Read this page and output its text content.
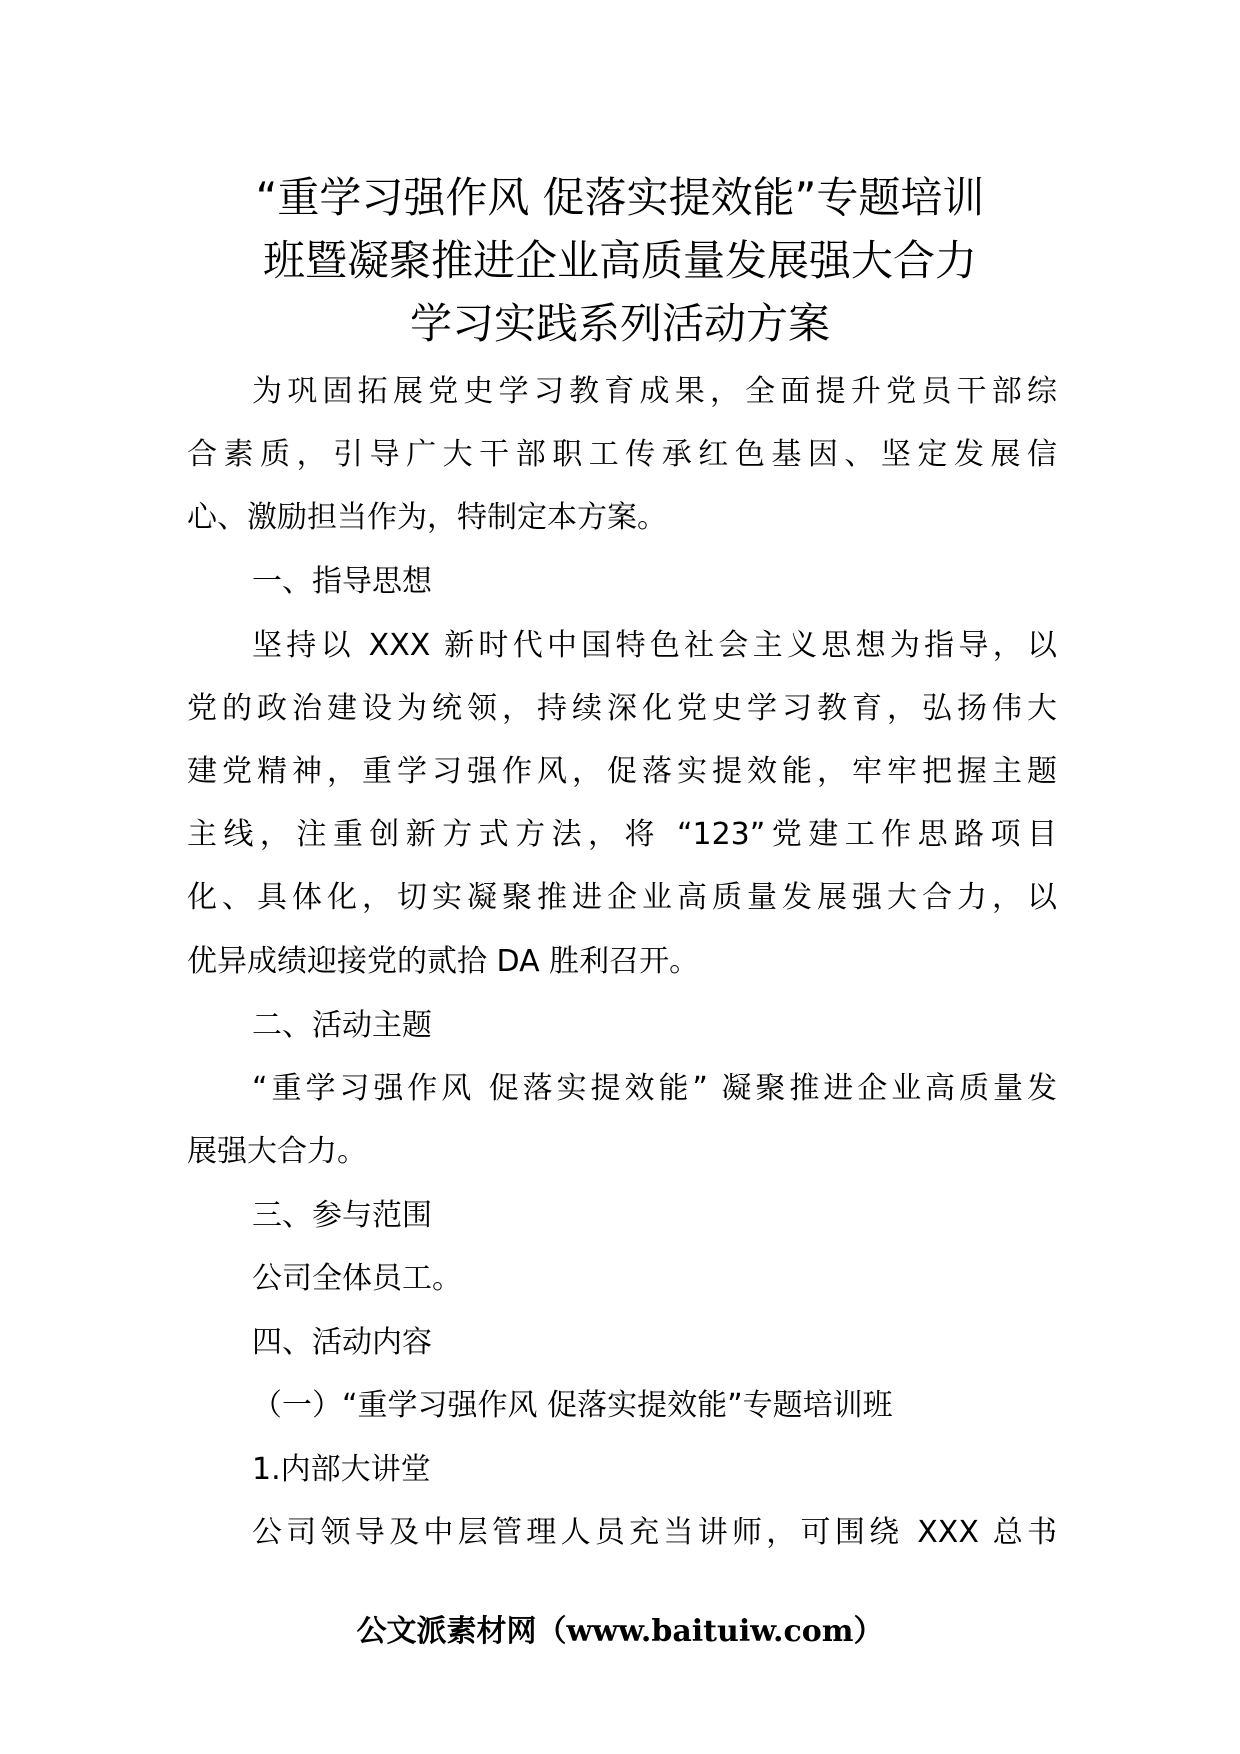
“重学习强作风 促落实提效能”专题培训
班暨凝聚推进企业高质量发展强大合力
学习实践系列活动方案
为巩固拓展党史学习教育成果，全面提升党员干部综
合素质，引导广大干部职工传承红色基因、坚定发展信
心、激励担当作为，特制定本方案。
一、指导思想
坚持以 XXX 新时代中国特色社会主义思想为指导，以
党的政治建设为统领，持续深化党史学习教育，弘扬伟大
建党精神，重学习强作风，促落实提效能，牢牢把握主题
主线，注重创新方式方法，将 “123”党建工作思路项目
化、具体化，切实凝聚推进企业高质量发展强大合力，以
优异成绩迎接党的贰拾 DA 胜利召开。
二、活动主题
“重学习强作风 促落实提效能” 凝聚推进企业高质量发
展强大合力。
三、参与范围
公司全体员工。
四、活动内容
（一）“重学习强作风 促落实提效能”专题培训班
1.内部大讲堂
公司领导及中层管理人员充当讲师，可围绕 XXX 总书
公文派素材网（www.baituiw.com）
